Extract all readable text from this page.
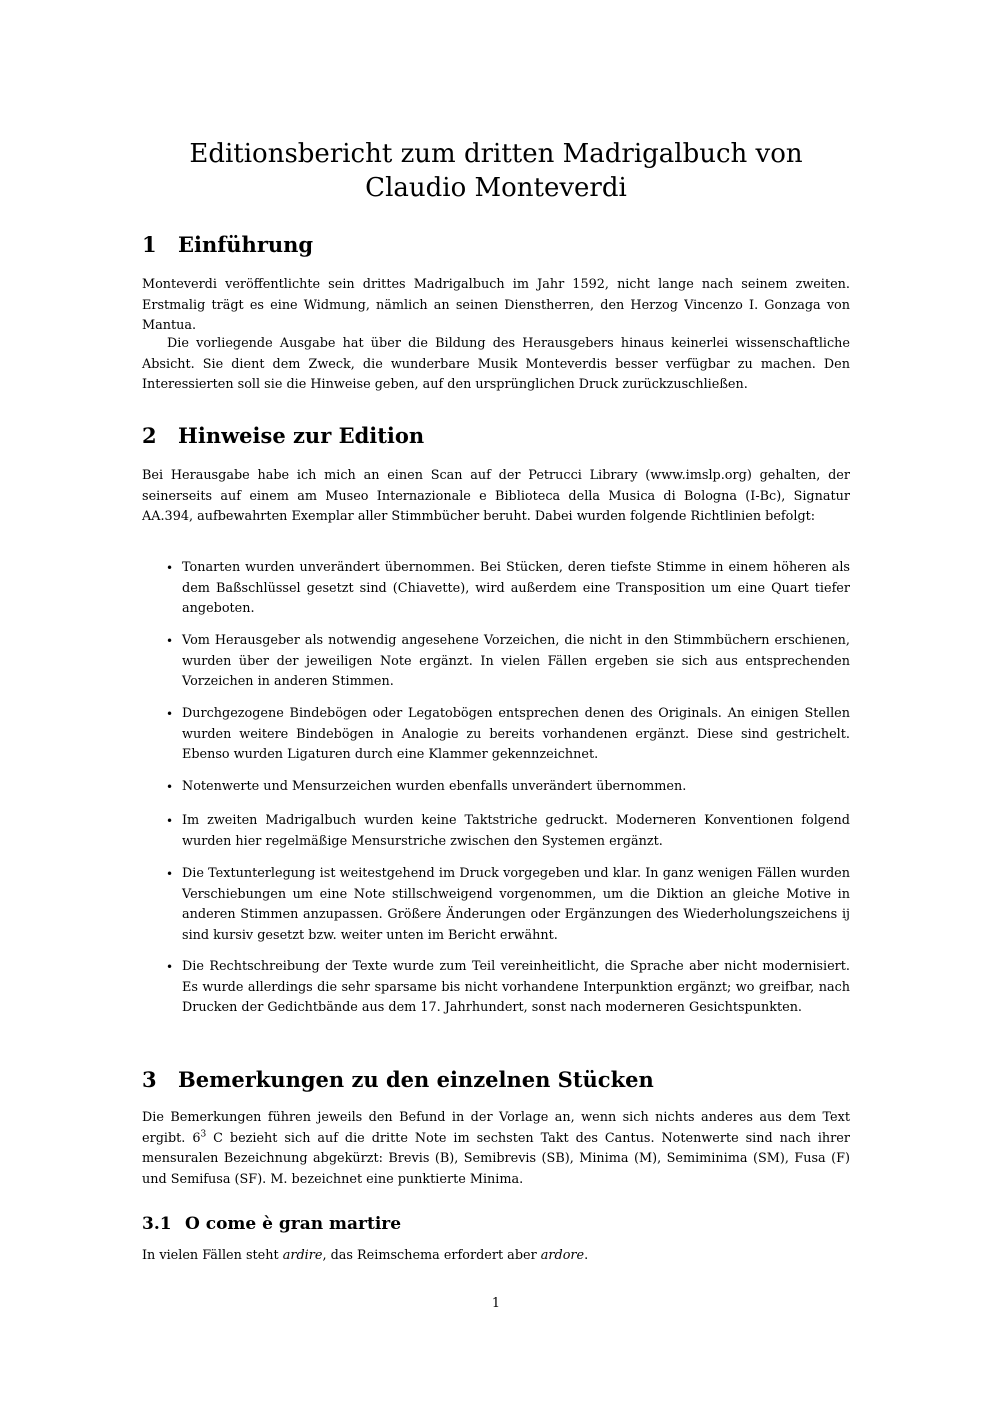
Editionsbericht zum dritten Madrigalbuch von
Claudio Monteverdi
1 Einführung

Monteverdi veröffentlichte sein drittes Madrigalbuch im Jahr 1592, nicht lange nach seinem zweiten. Erstmalig trägt es eine Widmung, nämlich an seinen Dienstherren, den Herzog Vincenzo I. Gonzaga von Mantua.

Die vorliegende Ausgabe hat über die Bildung des Herausgebers hinaus keinerlei wissenschaftliche Absicht. Sie dient dem Zweck, die wunderbare Musik Monteverdis besser verfügbar zu machen. Den Interessierten soll sie die Hinweise geben, auf den ursprünglichen Druck zurückzuschließen.

2 Hinweise zur Edition

Bei Herausgabe habe ich mich an einen Scan auf der Petrucci Library (www.imslp.org) gehalten, der seinerseits auf einem am Museo Internazionale e Biblioteca della Musica di Bologna (I-Bc), Signatur AA.394, aufbewahrten Exemplar aller Stimmbücher beruht. Dabei wurden folgende Richtlinien befolgt:

• Tonarten wurden unverändert übernommen. Bei Stücken, deren tiefste Stimme in einem höheren als dem Baßschlüssel gesetzt sind (Chiavette), wird außerdem eine Transposition um eine Quart tiefer angeboten.
• Vom Herausgeber als notwendig angesehene Vorzeichen, die nicht in den Stimmbüchern erschienen, wurden über der jeweiligen Note ergänzt. In vielen Fällen ergeben sie sich aus entsprechenden Vorzeichen in anderen Stimmen.
• Durchgezogene Bindebögen oder Legatobögen entsprechen denen des Originals. An einigen Stellen wurden weitere Bindebögen in Analogie zu bereits vorhandenen ergänzt. Diese sind gestrichelt. Ebenso wurden Ligaturen durch eine Klammer gekennzeichnet.
• Notenwerte und Mensurzeichen wurden ebenfalls unverändert übernommen.
• Im zweiten Madrigalbuch wurden keine Taktstriche gedruckt. Moderneren Konventionen folgend wurden hier regelmäßige Mensurstriche zwischen den Systemen ergänzt.
• Die Textunterlegung ist weitestgehend im Druck vorgegeben und klar. In ganz wenigen Fällen wurden Verschiebungen um eine Note stillschweigend vorgenommen, um die Diktion an gleiche Motive in anderen Stimmen anzupassen. Größere Änderungen oder Ergänzungen des Wiederholungszeichens ij sind kursiv gesetzt bzw. weiter unten im Bericht erwähnt.
• Die Rechtschreibung der Texte wurde zum Teil vereinheitlicht, die Sprache aber nicht modernisiert. Es wurde allerdings die sehr sparsame bis nicht vorhandene Interpunktion ergänzt; wo greifbar, nach Drucken der Gedichtbände aus dem 17. Jahrhundert, sonst nach moderneren Gesichtspunkten.
3 Bemerkungen zu den einzelnen Stücken

Die Bemerkungen führen jeweils den Befund in der Vorlage an, wenn sich nichts anderes aus dem Text ergibt. $6^3$ C bezieht sich auf die dritte Note im sechsten Takt des Cantus. Notenwerte sind nach ihrer mensuralen Bezeichnung abgekürzt: Brevis (B), Semibrevis (SB), Minima (M), Semiminima (SM), Fusa (F) und Semifusa (SF). M. bezeichnet eine punktierte Minima.

3.1 O come è gran martire

In vielen Fällen steht ardire, das Reimschema erfordert aber ardore.

1
